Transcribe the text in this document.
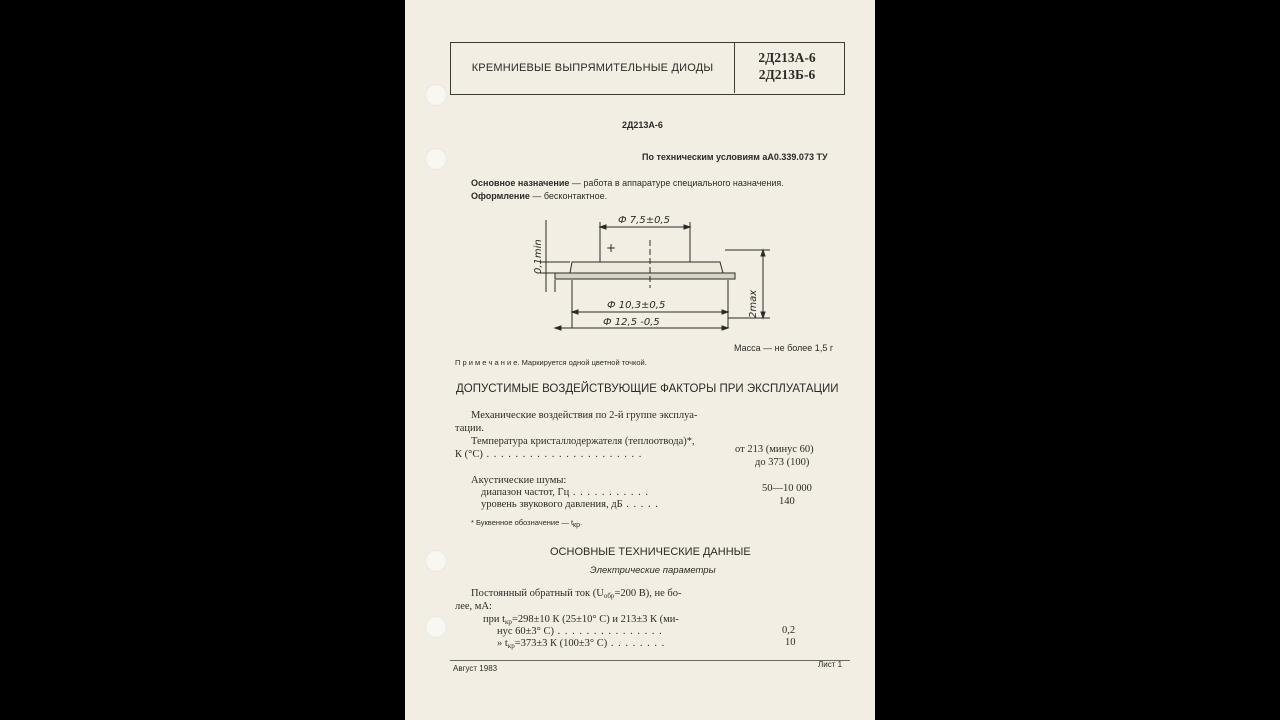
КРЕМНИЕВЫЕ ВЫПРЯМИТЕЛЬНЫЕ ДИОДЫ
2Д213А-6
2Д213Б-6
2Д213А-6
По техническим условиям аА0.339.073 ТУ
Основное назначение — работа в аппаратуре специального назначения.
Оформление — бесконтактное.
Ф 7,5±0,5
Ф 10,3±0,5
Ф 12,5 -0,5
0,1min
2max
+
Масса — не более 1,5 г
П р и м е ч а н и е. Маркируется одной цветной точкой.
ДОПУСТИМЫЕ ВОЗДЕЙСТВУЮЩИЕ ФАКТОРЫ ПРИ ЭКСПЛУАТАЦИИ
Механические воздействия по 2-й группе эксплуа-
тации.
Температура кристаллодержателя (теплоотвода)*,
К (°С) . . . . . . . . . . . . . . . . . . . . . .	от 213 (минус 60)
до 373 (100)
Акустические шумы:
диапазон частот, Гц . . . . . . . . . . .	50—10 000
уровень звукового давления, дБ . . . . .	140
* Буквенное обозначение — tкр.
ОСНОВНЫЕ ТЕХНИЧЕСКИЕ ДАННЫЕ
Электрические параметры
Постоянный обратный ток ($U_{обр}=200$ В), не бо-
лее, мА:
при $t_{кр}=298\pm 10$ К (25±10° С) и 213±3 К (ми-
нус 60±3° С) . . . . . . . . . . . . . . .	0,2
» $t_{кр}=373\pm 3$ К (100±3° С) . . . . . . . .	10
Август 1983	Лист 1
